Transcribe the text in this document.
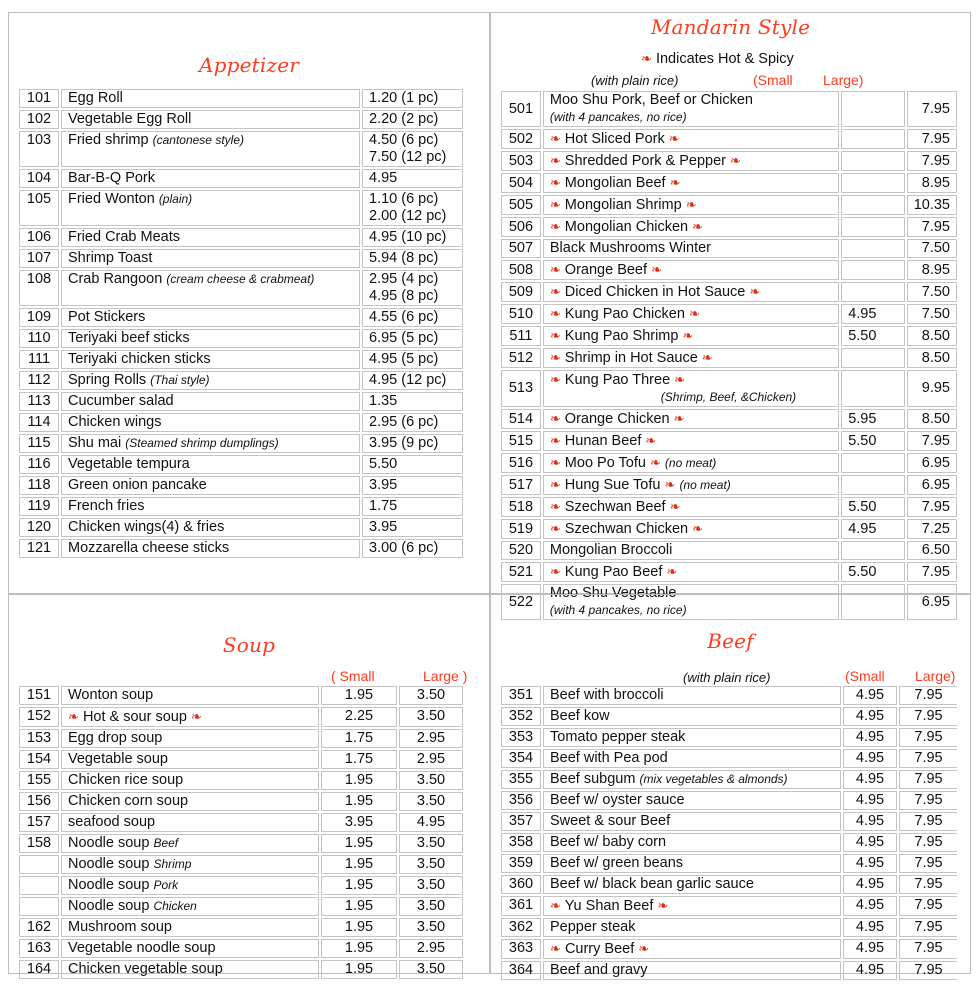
Appetizer
101	Egg Roll	1.20 (1 pc)

102	Vegetable Egg Roll	2.20 (2 pc)

103	Fried shrimp (cantonese style)	4.50 (6 pc)
7.50 (12 pc)

104	Bar-B-Q Pork	4.95

105	Fried Wonton (plain)	1.10 (6 pc)
2.00 (12 pc)

106	Fried Crab Meats	4.95 (10 pc)

107	Shrimp Toast	5.94 (8 pc)

108	Crab Rangoon (cream cheese & crabmeat)	2.95 (4 pc)
4.95 (8 pc)

109	Pot Stickers	4.55 (6 pc)

110	Teriyaki beef sticks	6.95 (5 pc)

111	Teriyaki chicken sticks	4.95 (5 pc)

112	Spring Rolls (Thai style)	4.95 (12 pc)

113	Cucumber salad	1.35

114	Chicken wings	2.95 (6 pc)

115	Shu mai (Steamed shrimp dumplings)	3.95 (9 pc)

116	Vegetable tempura	5.50

118	Green onion pancake	3.95

119	French fries	1.75

120	Chicken wings(4) & fries	3.95

121	Mozzarella cheese sticks	3.00 (6 pc)
Mandarin Style
❧ Indicates Hot & Spicy
(with plain rice)	(Small Large)
501	Moo Shu Pork, Beef or Chicken
(with 4 pancakes, no rice)		7.95
502	❧ Hot Sliced Pork ❧		7.95
503	❧ Shredded Pork & Pepper ❧		7.95
504	❧ Mongolian Beef ❧		8.95
505	❧ Mongolian Shrimp ❧		10.35
506	❧ Mongolian Chicken ❧		7.95
507	Black Mushrooms Winter		7.50
508	❧ Orange Beef ❧		8.95
509	❧ Diced Chicken in Hot Sauce ❧		7.50
510	❧ Kung Pao Chicken ❧	4.95	7.50
511	❧ Kung Pao Shrimp ❧	5.50	8.50
512	❧ Shrimp in Hot Sauce ❧		8.50
513	❧ Kung Pao Three ❧
(Shrimp, Beef, &Chicken)		9.95
514	❧ Orange Chicken ❧	5.95	8.50
515	❧ Hunan Beef ❧	5.50	7.95
516	❧ Moo Po Tofu ❧ (no meat)		6.95
517	❧ Hung Sue Tofu ❧ (no meat)		6.95
518	❧ Szechwan Beef ❧	5.50	7.95
519	❧ Szechwan Chicken ❧	4.95	7.25
520	Mongolian Broccoli		6.50
521	❧ Kung Pao Beef ❧	5.50	7.95
522	Moo Shu Vegetable
(with 4 pancakes, no rice)		6.95
Soup
( Small	Large )
151	Wonton soup	1.95	3.50
152	❧ Hot & sour soup ❧	2.25	3.50
153	Egg drop soup	1.75	2.95
154	Vegetable soup	1.75	2.95
155	Chicken rice soup	1.95	3.50
156	Chicken corn soup	1.95	3.50
157	seafood soup	3.95	4.95
158	Noodle soup Beef	1.95	3.50

	Noodle soup Shrimp	1.95	3.50

	Noodle soup Pork	1.95	3.50

	Noodle soup Chicken	1.95	3.50
162	Mushroom soup	1.95	3.50
163	Vegetable noodle soup	1.95	2.95
164	Chicken vegetable soup	1.95	3.50
Beef
(with plain rice)	(Small Large)
351	Beef with broccoli	4.95	7.95
352	Beef kow	4.95	7.95
353	Tomato pepper steak	4.95	7.95
354	Beef with Pea pod	4.95	7.95
355	Beef subgum (mix vegetables & almonds)	4.95	7.95
356	Beef w/ oyster sauce	4.95	7.95
357	Sweet & sour Beef	4.95	7.95
358	Beef w/ baby corn	4.95	7.95
359	Beef w/ green beans	4.95	7.95
360	Beef w/ black bean garlic sauce	4.95	7.95
361	❧ Yu Shan Beef ❧	4.95	7.95
362	Pepper steak	4.95	7.95
363	❧ Curry Beef ❧	4.95	7.95
364	Beef and gravy	4.95	7.95
